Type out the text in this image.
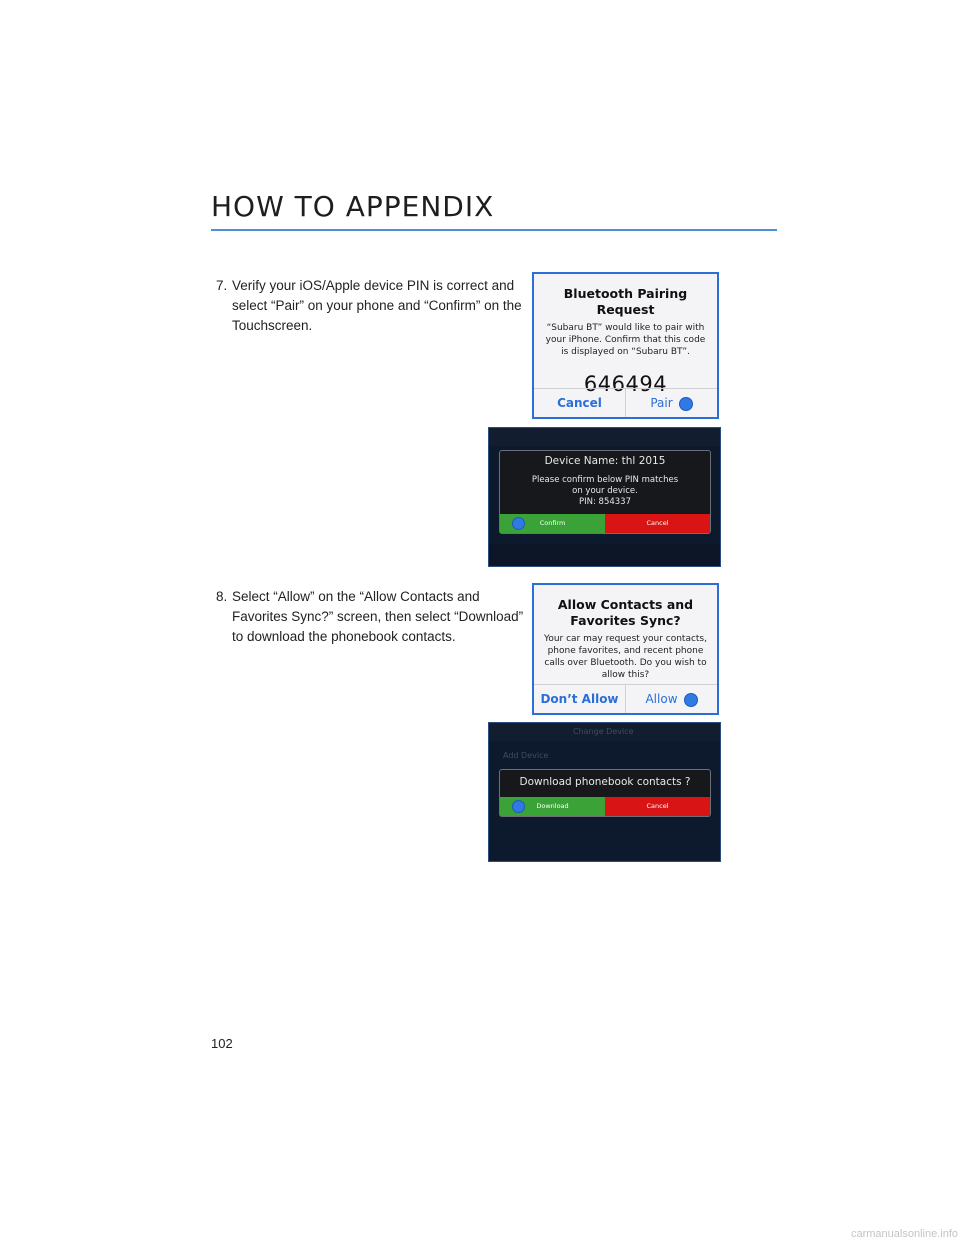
HOW TO APPENDIX
7. Verify your iOS/Apple device PIN is correct and select “Pair” on your phone and “Confirm” on the Touchscreen.
Bluetooth Pairing Request
“Subaru BT” would like to pair with your iPhone. Confirm that this code is displayed on “Subaru BT”.
646494
Cancel	Pair
Device Name: thl 2015
Please confirm below PIN matches
on your device.
PIN: 854337
Confirm	Cancel
8. Select “Allow” on the “Allow Contacts and Favorites Sync?” screen, then select “Download” to download the phonebook contacts.
Allow Contacts and
Favorites Sync?
Your car may request your contacts, phone favorites, and recent phone calls over Bluetooth. Do you wish to allow this?
Don’t Allow	Allow
Change Device
Add Device
Download phonebook contacts ?
Download	Cancel
102
carmanualsonline.info
